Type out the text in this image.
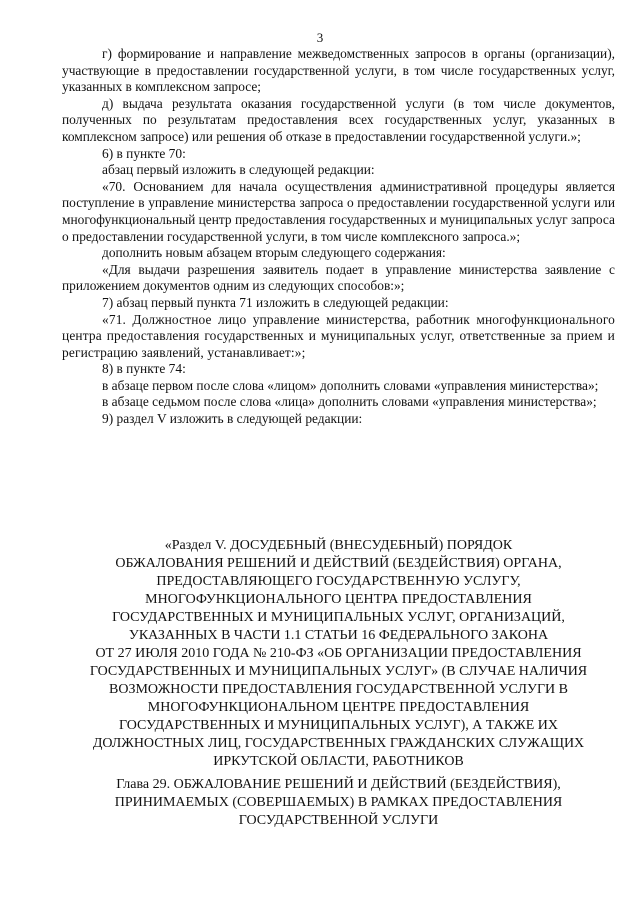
3

г) формирование и направление межведомственных запросов в органы (организации), участвующие в предоставлении государственной услуги, в том числе государственных услуг, указанных в комплексном запросе;

д) выдача результата оказания государственной услуги (в том числе документов, полученных по результатам предоставления всех государственных услуг, указанных в комплексном запросе) или решения об отказе в предоставлении государственной услуги.»;

6) в пункте 70:

абзац первый изложить в следующей редакции:

«70. Основанием для начала осуществления административной процедуры является поступление в управление министерства запроса о предоставлении государственной услуги или многофункциональный центр предоставления государственных и муниципальных услуг запроса о предоставлении государственной услуги, в том числе комплексного запроса.»;

дополнить новым абзацем вторым следующего содержания:

«Для выдачи разрешения заявитель подает в управление министерства заявление с приложением документов одним из следующих способов:»;

7) абзац первый пункта 71 изложить в следующей редакции:

«71. Должностное лицо управление министерства, работник многофункционального центра предоставления государственных и муниципальных услуг, ответственные за прием и регистрацию заявлений, устанавливает:»;

8) в пункте 74:

в абзаце первом после слова «лицом» дополнить словами «управления министерства»;

в абзаце седьмом после слова «лица» дополнить словами «управления министерства»;

9) раздел V изложить в следующей редакции:

«Раздел V. ДОСУДЕБНЫЙ (ВНЕСУДЕБНЫЙ) ПОРЯДОК
ОБЖАЛОВАНИЯ РЕШЕНИЙ И ДЕЙСТВИЙ (БЕЗДЕЙСТВИЯ) ОРГАНА,
ПРЕДОСТАВЛЯЮЩЕГО ГОСУДАРСТВЕННУЮ УСЛУГУ,
МНОГОФУНКЦИОНАЛЬНОГО ЦЕНТРА ПРЕДОСТАВЛЕНИЯ
ГОСУДАРСТВЕННЫХ И МУНИЦИПАЛЬНЫХ УСЛУГ, ОРГАНИЗАЦИЙ,
УКАЗАННЫХ В ЧАСТИ 1.1 СТАТЬИ 16 ФЕДЕРАЛЬНОГО ЗАКОНА
ОТ 27 ИЮЛЯ 2010 ГОДА № 210-ФЗ «ОБ ОРГАНИЗАЦИИ ПРЕДОСТАВЛЕНИЯ
ГОСУДАРСТВЕННЫХ И МУНИЦИПАЛЬНЫХ УСЛУГ» (В СЛУЧАЕ НАЛИЧИЯ
ВОЗМОЖНОСТИ ПРЕДОСТАВЛЕНИЯ ГОСУДАРСТВЕННОЙ УСЛУГИ В
МНОГОФУНКЦИОНАЛЬНОМ ЦЕНТРЕ ПРЕДОСТАВЛЕНИЯ
ГОСУДАРСТВЕННЫХ И МУНИЦИПАЛЬНЫХ УСЛУГ), А ТАКЖЕ ИХ
ДОЛЖНОСТНЫХ ЛИЦ, ГОСУДАРСТВЕННЫХ ГРАЖДАНСКИХ СЛУЖАЩИХ
ИРКУТСКОЙ ОБЛАСТИ, РАБОТНИКОВ
Глава 29. ОБЖАЛОВАНИЕ РЕШЕНИЙ И ДЕЙСТВИЙ (БЕЗДЕЙСТВИЯ),
ПРИНИМАЕМЫХ (СОВЕРШАЕМЫХ) В РАМКАХ ПРЕДОСТАВЛЕНИЯ
ГОСУДАРСТВЕННОЙ УСЛУГИ
